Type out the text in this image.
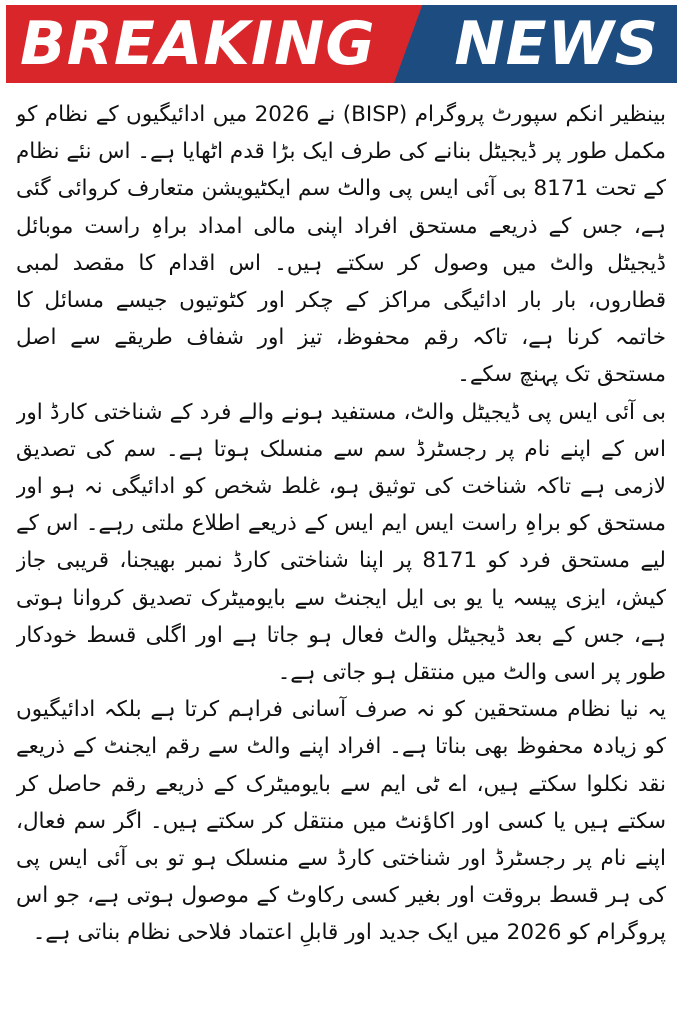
BREAKING NEWS

بینظیر انکم سپورٹ پروگرام (BISP) نے 2026 میں ادائیگیوں کے نظام کو مکمل طور پر ڈیجیٹل بنانے کی طرف ایک بڑا قدم اٹھایا ہے۔ اس نئے نظام کے تحت 8171 بی آئی ایس پی والٹ سم ایکٹیویشن متعارف کروائی گئی ہے، جس کے ذریعے مستحق افراد اپنی مالی امداد براہِ راست موبائل ڈیجیٹل والٹ میں وصول کر سکتے ہیں۔ اس اقدام کا مقصد لمبی قطاروں، بار بار ادائیگی مراکز کے چکر اور کٹوتیوں جیسے مسائل کا خاتمہ کرنا ہے، تاکہ رقم محفوظ، تیز اور شفاف طریقے سے اصل مستحق تک پہنچ سکے۔

بی آئی ایس پی ڈیجیٹل والٹ، مستفید ہونے والے فرد کے شناختی کارڈ اور اس کے اپنے نام پر رجسٹرڈ سم سے منسلک ہوتا ہے۔ سم کی تصدیق لازمی ہے تاکہ شناخت کی توثیق ہو، غلط شخص کو ادائیگی نہ ہو اور مستحق کو براہِ راست ایس ایم ایس کے ذریعے اطلاع ملتی رہے۔ اس کے لیے مستحق فرد کو 8171 پر اپنا شناختی کارڈ نمبر بھیجنا، قریبی جاز کیش، ایزی پیسہ یا یو بی ایل ایجنٹ سے بایومیٹرک تصدیق کروانا ہوتی ہے، جس کے بعد ڈیجیٹل والٹ فعال ہو جاتا ہے اور اگلی قسط خودکار طور پر اسی والٹ میں منتقل ہو جاتی ہے۔

یہ نیا نظام مستحقین کو نہ صرف آسانی فراہم کرتا ہے بلکہ ادائیگیوں کو زیادہ محفوظ بھی بناتا ہے۔ افراد اپنے والٹ سے رقم ایجنٹ کے ذریعے نقد نکلوا سکتے ہیں، اے ٹی ایم سے بایومیٹرک کے ذریعے رقم حاصل کر سکتے ہیں یا کسی اور اکاؤنٹ میں منتقل کر سکتے ہیں۔ اگر سم فعال، اپنے نام پر رجسٹرڈ اور شناختی کارڈ سے منسلک ہو تو بی آئی ایس پی کی ہر قسط بروقت اور بغیر کسی رکاوٹ کے موصول ہوتی ہے، جو اس پروگرام کو 2026 میں ایک جدید اور قابلِ اعتماد فلاحی نظام بناتی ہے۔
